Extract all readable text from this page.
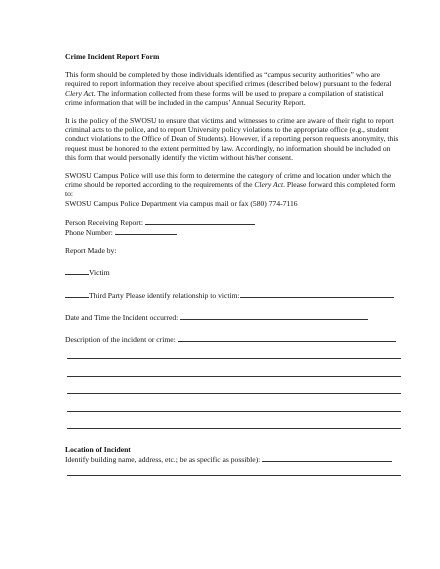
Crime Incident Report Form

This form should be completed by those individuals identified as “campus security authorities” who are required to report information they receive about specified crimes (described below) pursuant to the federal Clery Act. The information collected from these forms will be used to prepare a compilation of statistical crime information that will be included in the campus’ Annual Security Report.

It is the policy of the SWOSU to ensure that victims and witnesses to crime are aware of their right to report criminal acts to the police, and to report University policy violations to the appropriate office (e.g., student conduct violations to the Office of Dean of Students). However, if a reporting person requests anonymity, this request must be honored to the extent permitted by law. Accordingly, no information should be included on this form that would personally identify the victim without his/her consent.

SWOSU Campus Police will use this form to determine the category of crime and location under which the crime should be reported according to the requirements of the Clery Act. Please forward this completed form to:
SWOSU Campus Police Department via campus mail or fax (580) 774-7116

Person Receiving Report:
Phone Number:
Report Made by:
Victim
Third Party Please identify relationship to victim:
Date and Time the Incident occurred:
Description of the incident or crime:
Location of Incident
Identify building name, address, etc.; be as specific as possible):
